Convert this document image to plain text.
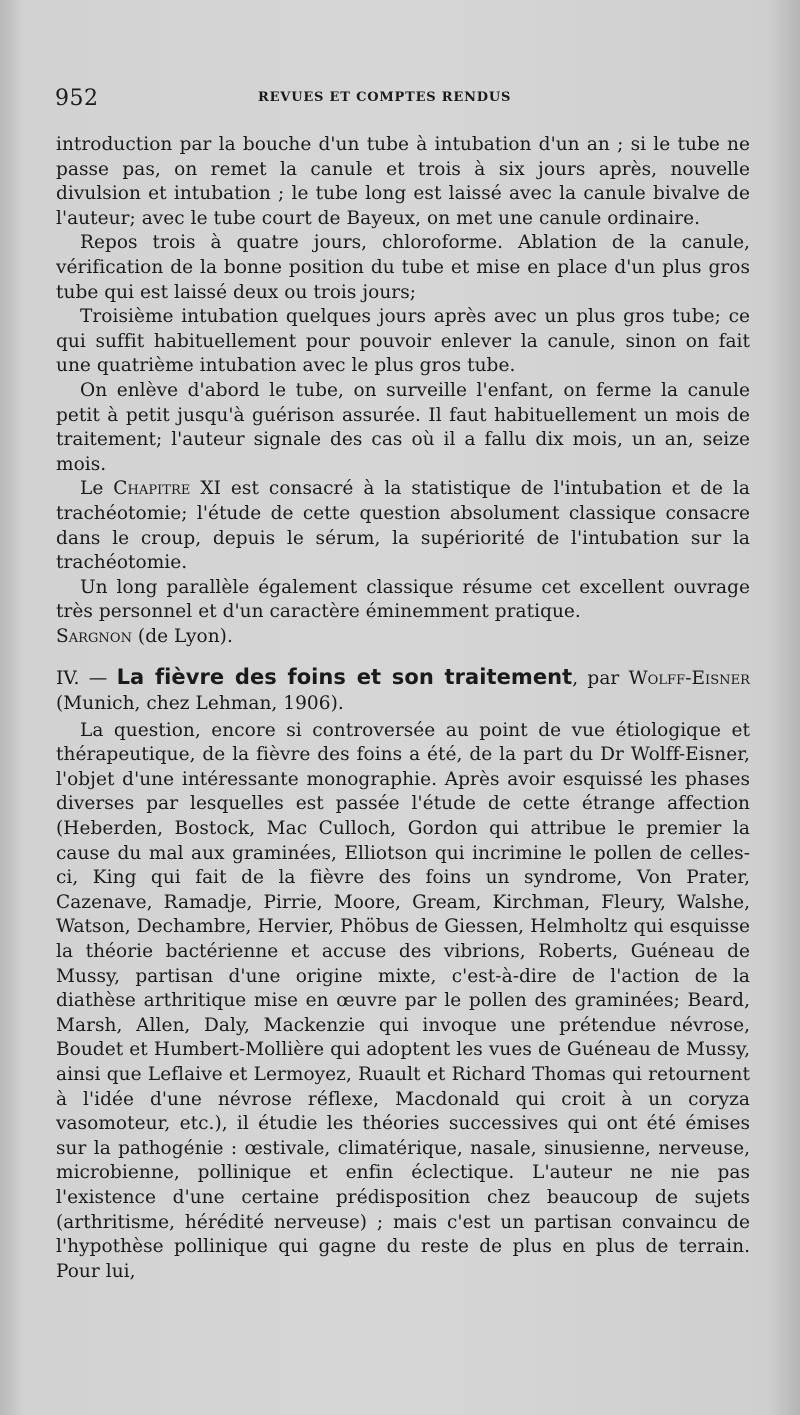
952	REVUES ET COMPTES RENDUS

introduction par la bouche d'un tube à intubation d'un an ; si le tube ne passe pas, on remet la canule et trois à six jours après, nouvelle divulsion et intubation ; le tube long est laissé avec la canule bivalve de l'auteur; avec le tube court de Bayeux, on met une canule ordinaire.

Repos trois à quatre jours, chloroforme. Ablation de la canule, vérification de la bonne position du tube et mise en place d'un plus gros tube qui est laissé deux ou trois jours;

Troisième intubation quelques jours après avec un plus gros tube; ce qui suffit habituellement pour pouvoir enlever la canule, sinon on fait une quatrième intubation avec le plus gros tube.

On enlève d'abord le tube, on surveille l'enfant, on ferme la canule petit à petit jusqu'à guérison assurée. Il faut habituellement un mois de traitement; l'auteur signale des cas où il a fallu dix mois, un an, seize mois.

Le Chapitre XI est consacré à la statistique de l'intubation et de la trachéotomie; l'étude de cette question absolument classique consacre dans le croup, depuis le sérum, la supériorité de l'intubation sur la trachéotomie.

Un long parallèle également classique résume cet excellent ouvrage très personnel et d'un caractère éminemment pratique.

Sargnon (de Lyon).

IV. — La fièvre des foins et son traitement, par Wolff-Eisner (Munich, chez Lehman, 1906).

La question, encore si controversée au point de vue étiologique et thérapeutique, de la fièvre des foins a été, de la part du Dr Wolff-Eisner, l'objet d'une intéressante monographie. Après avoir esquissé les phases diverses par lesquelles est passée l'étude de cette étrange affection (Heberden, Bostock, Mac Culloch, Gordon qui attribue le premier la cause du mal aux graminées, Elliotson qui incrimine le pollen de celles-ci, King qui fait de la fièvre des foins un syndrome, Von Prater, Cazenave, Ramadje, Pirrie, Moore, Gream, Kirchman, Fleury, Walshe, Watson, Dechambre, Hervier, Phöbus de Giessen, Helmholtz qui esquisse la théorie bactérienne et accuse des vibrions, Roberts, Guéneau de Mussy, partisan d'une origine mixte, c'est-à-dire de l'action de la diathèse arthritique mise en œuvre par le pollen des graminées; Beard, Marsh, Allen, Daly, Mackenzie qui invoque une prétendue névrose, Boudet et Humbert-Mollière qui adoptent les vues de Guéneau de Mussy, ainsi que Leflaive et Lermoyez, Ruault et Richard Thomas qui retournent à l'idée d'une névrose réflexe, Macdonald qui croit à un coryza vasomoteur, etc.), il étudie les théories successives qui ont été émises sur la pathogénie : œstivale, climatérique, nasale, sinusienne, nerveuse, microbienne, pollinique et enfin éclectique. L'auteur ne nie pas l'existence d'une certaine prédisposition chez beaucoup de sujets (arthritisme, hérédité nerveuse) ; mais c'est un partisan convaincu de l'hypothèse pollinique qui gagne du reste de plus en plus de terrain. Pour lui,
